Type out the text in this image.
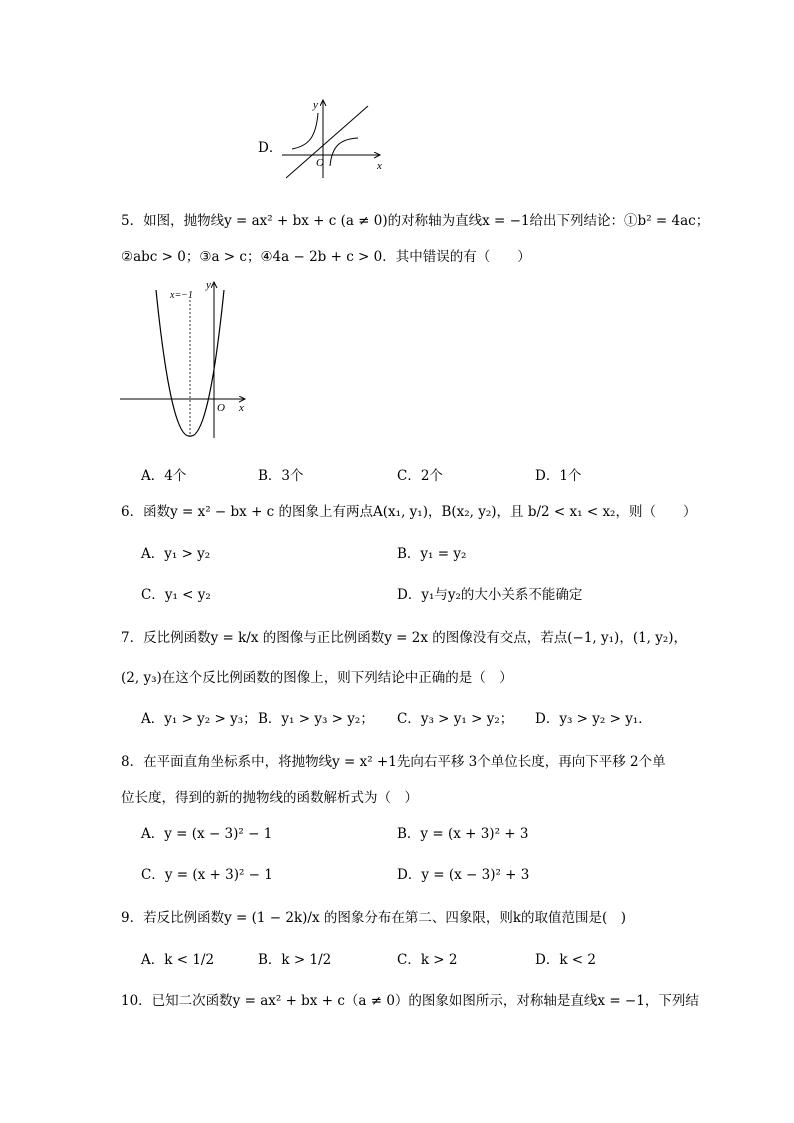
D．
y
x
O
5．如图，抛物线y = ax² + bx + c (a ≠ 0)的对称轴为直线x = −1给出下列结论：①b² = 4ac；
②abc > 0；③a > c；④4a − 2b + c > 0．其中错误的有（　　）
x=−1
y
x
O
A．4个	B．3个	C．2个	D．1个
6．函数y = x² − bx + c 的图象上有两点A(x₁, y₁)，B(x₂, y₂)，且 b/2 < x₁ < x₂，则（　　）
A．y₁ > y₂	B．y₁ = y₂
C．y₁ < y₂	D．y₁与y₂的大小关系不能确定
7．反比例函数y = k/x 的图像与正比例函数y = 2x 的图像没有交点，若点(−1, y₁)，(1, y₂)，
(2, y₃)在这个反比例函数的图像上，则下列结论中正确的是（　）
A．y₁ > y₂ > y₃； B．y₁ > y₃ > y₂； C．y₃ > y₁ > y₂； D．y₃ > y₂ > y₁．
8．在平面直角坐标系中，将抛物线y = x² +1先向右平移 3个单位长度，再向下平移 2个单
位长度，得到的新的抛物线的函数解析式为（　）
A．y = (x − 3)² − 1	B．y = (x + 3)² + 3
C．y = (x + 3)² − 1	D．y = (x − 3)² + 3
9．若反比例函数y = (1 − 2k)/x 的图象分布在第二、四象限，则k的取值范围是(　)
A．k < 1/2	B．k > 1/2	C．k > 2	D．k < 2
10．已知二次函数y = ax² + bx + c（a ≠ 0）的图象如图所示，对称轴是直线x = −1，下列结
